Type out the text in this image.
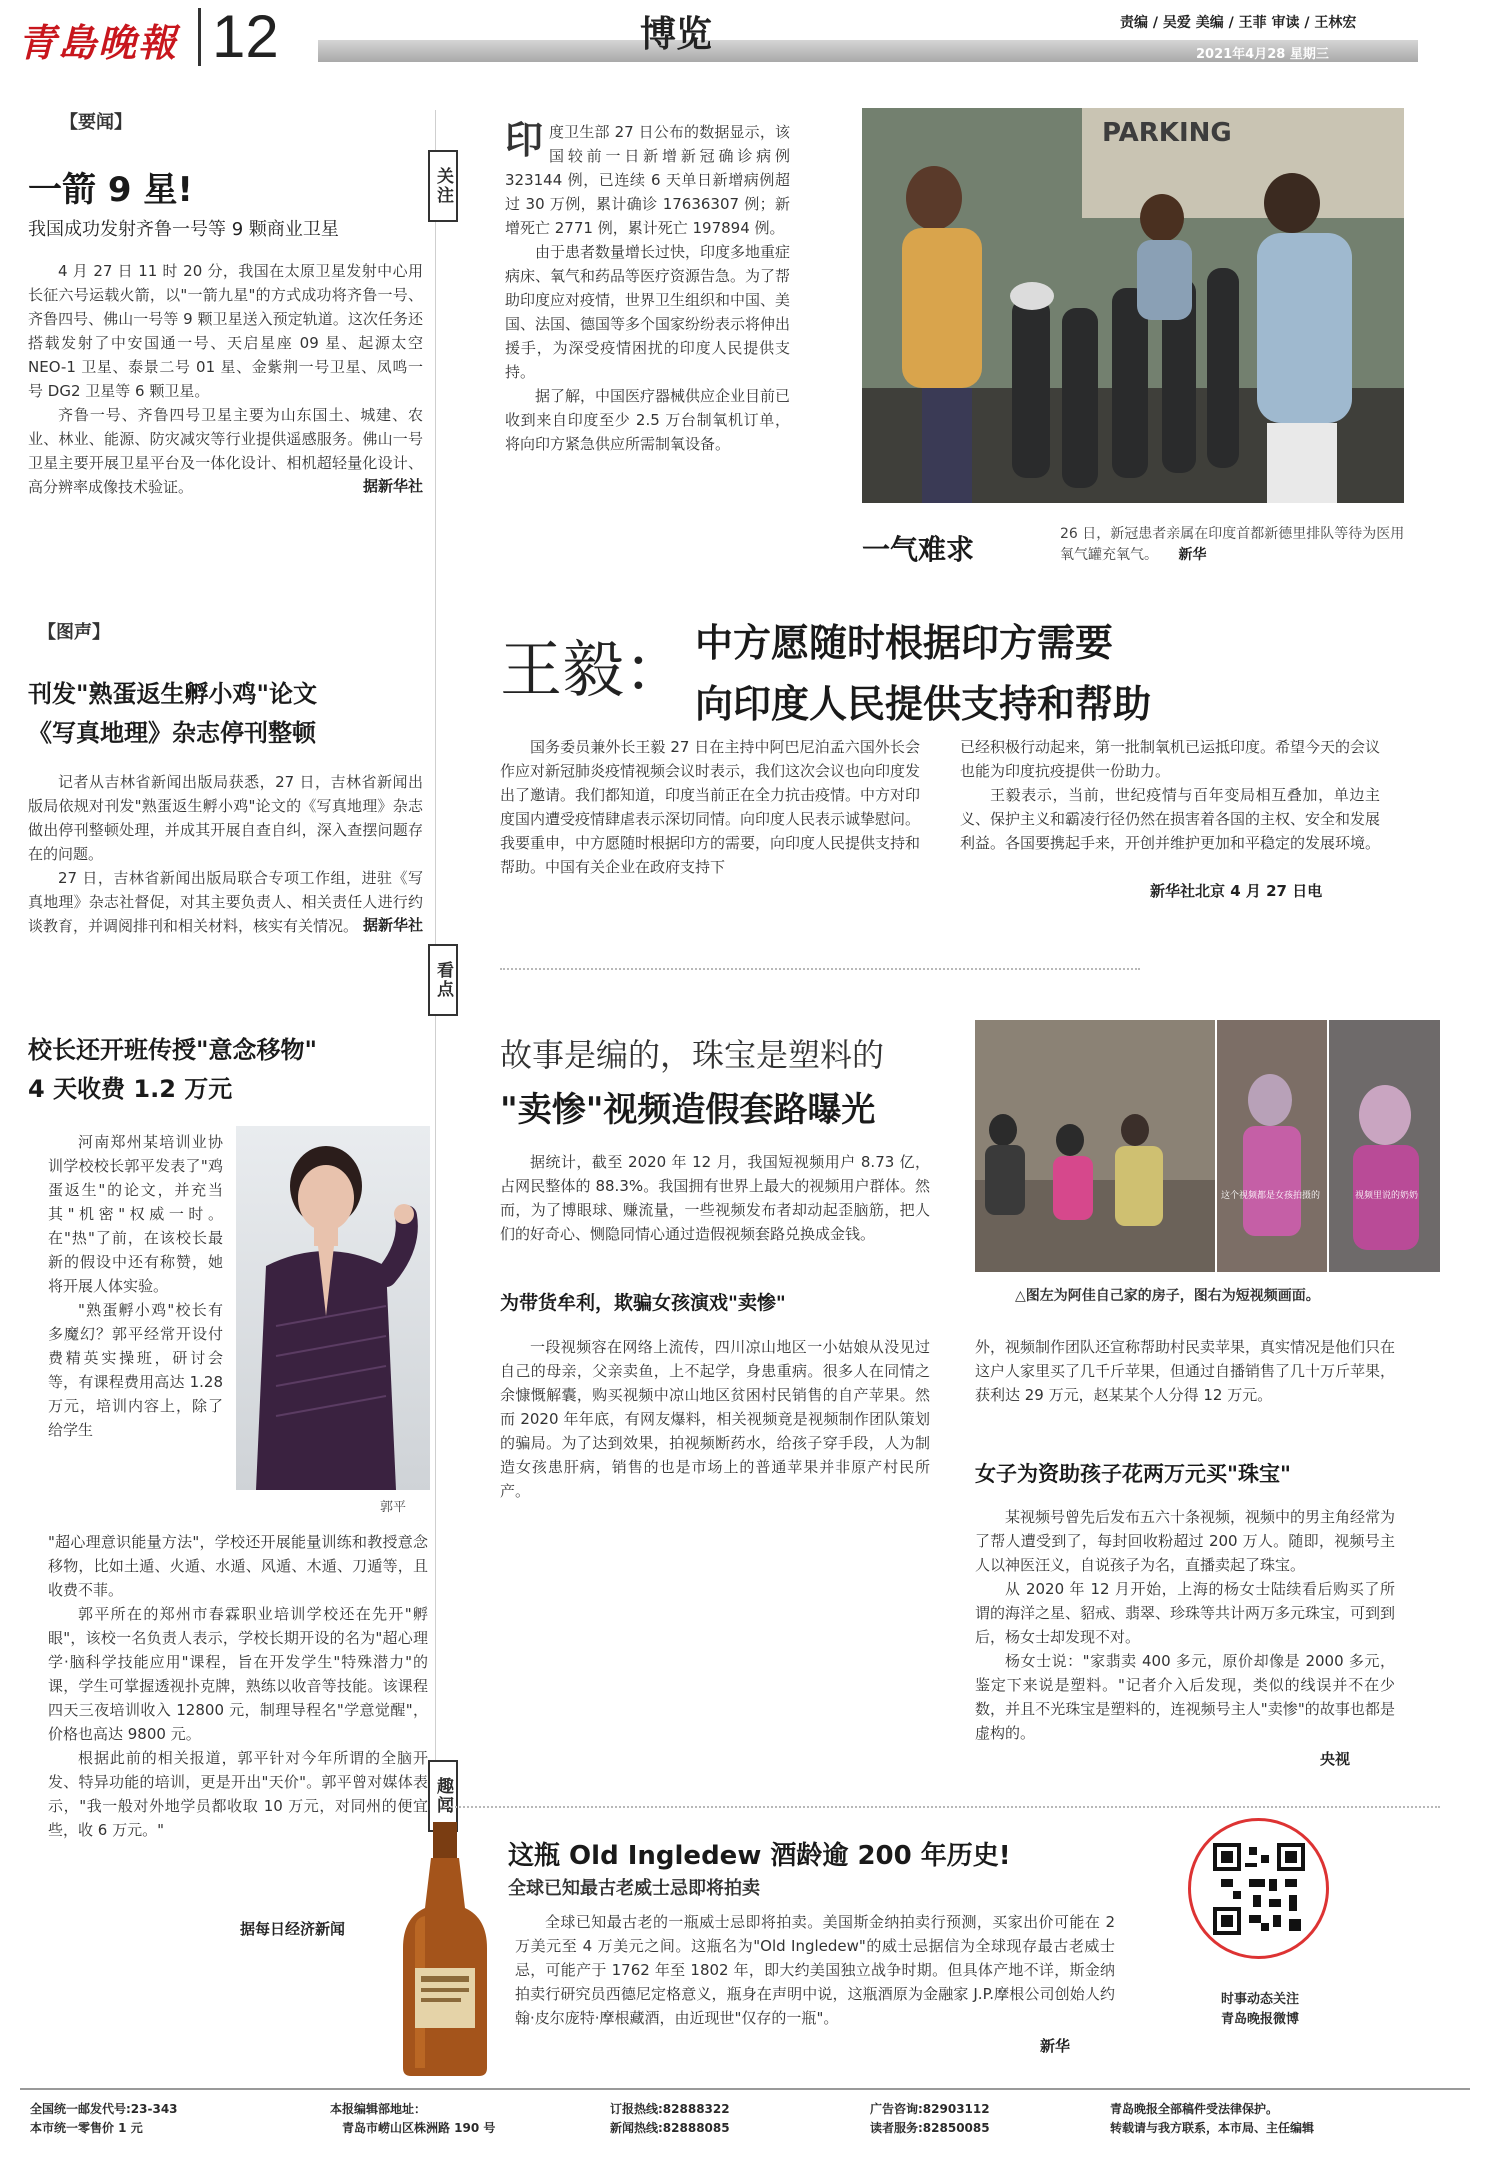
青島晚報 12	博览	责编 / 吴爱 美编 / 王菲 审读 / 王林宏
2021年4月28 星期三
【要闻】
一箭 9 星!
我国成功发射齐鲁一号等 9 颗商业卫星

4 月 27 日 11 时 20 分，我国在太原卫星发射中心用长征六号运载火箭，以"一箭九星"的方式成功将齐鲁一号、齐鲁四号、佛山一号等 9 颗卫星送入预定轨道。这次任务还搭载发射了中安国通一号、天启星座 09 星、起源太空 NEO-1 卫星、泰景二号 01 星、金紫荆一号卫星、凤鸣一号 DG2 卫星等 6 颗卫星。

齐鲁一号、齐鲁四号卫星主要为山东国土、城建、农业、林业、能源、防灾减灾等行业提供遥感服务。佛山一号卫星主要开展卫星平台及一体化设计、相机超轻量化设计、高分辨率成像技术验证。	据新华社
【图声】
刊发"熟蛋返生孵小鸡"论文
《写真地理》杂志停刊整顿

记者从吉林省新闻出版局获悉，27 日，吉林省新闻出版局依规对刊发"熟蛋返生孵小鸡"论文的《写真地理》杂志做出停刊整顿处理，并成其开展自查自纠，深入查摆问题存在的问题。

27 日，吉林省新闻出版局联合专项工作组，进驻《写真地理》杂志社督促，对其主要负责人、相关责任人进行约谈教育，并调阅排刊和相关材料，核实有关情况。 据新华社
校长还开班传授"意念移物"
4 天收费 1.2 万元

河南郑州某培训业协训学校校长郭平发表了"鸡蛋返生"的论文，并充当其"机密"权威一时。在"热"了前，在该校长最新的假设中还有称赞，她将开展人体实验。

"熟蛋孵小鸡"校长有多魔幻？郭平经常开设付费精英实操班，研讨会等，有课程费用高达 1.28 万元，培训内容上，除了给学生

郭平

"超心理意识能量方法"，学校还开展能量训练和教授意念移物，比如土遁、火遁、水遁、风遁、木遁、刀遁等，且收费不菲。

郭平所在的郑州市春霖职业培训学校还在先开"孵眼"，该校一名负责人表示，学校长期开设的名为"超心理学·脑科学技能应用"课程，旨在开发学生"特殊潜力"的课，学生可掌握透视扑克牌，熟练以收音等技能。该课程四天三夜培训收入 12800 元，制理导程名"学意觉醒"，价格也高达 9800 元。

根据此前的相关报道，郭平针对今年所谓的全脑开发、特异功能的培训，更是开出"天价"。郭平曾对媒体表示，"我一般对外地学员都收取 10 万元，对同州的便宜些，收 6 万元。"

据每日经济新闻
关注
看点
趣闻

印 度卫生部 27 日公布的数据显示，该国较前一日新增新冠确诊病例 323144 例，已连续 6 天单日新增病例超过 30 万例，累计确诊 17636307 例；新增死亡 2771 例，累计死亡 197894 例。

由于患者数量增长过快，印度多地重症病床、氧气和药品等医疗资源告急。为了帮助印度应对疫情，世界卫生组织和中国、美国、法国、德国等多个国家纷纷表示将伸出援手，为深受疫情困扰的印度人民提供支持。

据了解，中国医疗器械供应企业目前已收到来自印度至少 2.5 万台制氧机订单，将向印方紧急供应所需制氧设备。

PARKING
一气难求	26 日，新冠患者亲属在印度首都新德里排队等待为医用氧气罐充氧气。 新华
王毅： 中方愿随时根据印方需要
向印度人民提供支持和帮助

国务委员兼外长王毅 27 日在主持中阿巴尼泊孟六国外长会作应对新冠肺炎疫情视频会议时表示，我们这次会议也向印度发出了邀请。我们都知道，印度当前正在全力抗击疫情。中方对印度国内遭受疫情肆虐表示深切同情。向印度人民表示诚挚慰问。我要重申，中方愿随时根据印方的需要，向印度人民提供支持和帮助。中国有关企业在政府支持下

已经积极行动起来，第一批制氧机已运抵印度。希望今天的会议也能为印度抗疫提供一份助力。

王毅表示，当前，世纪疫情与百年变局相互叠加，单边主义、保护主义和霸凌行径仍然在损害着各国的主权、安全和发展利益。各国要携起手来，开创并维护更加和平稳定的发展环境。

新华社北京 4 月 27 日电
故事是编的，珠宝是塑料的
"卖惨"视频造假套路曝光

据统计，截至 2020 年 12 月，我国短视频用户 8.73 亿，占网民整体的 88.3%。我国拥有世界上最大的视频用户群体。然而，为了博眼球、赚流量，一些视频发布者却动起歪脑筋，把人们的好奇心、恻隐同情心通过造假视频套路兑换成金钱。

这个视频都是女孩拍摄的	视频里说的奶奶
△图左为阿佳自己家的房子，图右为短视频画面。
为带货牟利，欺骗女孩演戏"卖惨"

一段视频容在网络上流传，四川凉山地区一小姑娘从没见过自己的母亲，父亲卖鱼，上不起学，身患重病。很多人在同情之余慷慨解囊，购买视频中凉山地区贫困村民销售的自产苹果。然而 2020 年年底，有网友爆料，相关视频竟是视频制作团队策划的骗局。为了达到效果，拍视频断药水，给孩子穿手段，人为制造女孩患肝病，销售的也是市场上的普通苹果并非原产村民所产。

外，视频制作团队还宣称帮助村民卖苹果，真实情况是他们只在这户人家里买了几千斤苹果，但通过自播销售了几十万斤苹果，获利达 29 万元，赵某某个人分得 12 万元。

女子为资助孩子花两万元买"珠宝"

某视频号曾先后发布五六十条视频，视频中的男主角经常为了帮人遭受到了，每封回收粉超过 200 万人。随即，视频号主人以神医汪义，自说孩子为名，直播卖起了珠宝。

从 2020 年 12 月开始，上海的杨女士陆续看后购买了所谓的海洋之星、貂戒、翡翠、珍珠等共计两万多元珠宝，可到到后，杨女士却发现不对。

杨女士说："家翡卖 400 多元，原价却像是 2000 多元，鉴定下来说是塑料。"记者介入后发现，类似的线误并不在少数，并且不光珠宝是塑料的，连视频号主人"卖惨"的故事也都是虚构的。

央视
这瓶 Old Ingledew 酒龄逾 200 年历史!
全球已知最古老威士忌即将拍卖

全球已知最古老的一瓶威士忌即将拍卖。美国斯金纳拍卖行预测，买家出价可能在 2 万美元至 4 万美元之间。这瓶名为"Old Ingledew"的威士忌据信为全球现存最古老威士忌，可能产于 1762 年至 1802 年，即大约美国独立战争时期。但具体产地不详，斯金纳拍卖行研究员西德尼定格意义，瓶身在声明中说，这瓶酒原为金融家 J.P.摩根公司创始人约翰·皮尔庞特·摩根藏酒，由近现世"仅存的一瓶"。

新华
时事动态关注
青岛晚报微博
全国统一邮发代号:23-343
本市统一零售价 1 元
本报编辑部地址：
青岛市崂山区株洲路 190 号
订报热线:82888322
新闻热线:82888085
广告咨询:82903112
读者服务:82850085
青岛晚报全部稿件受法律保护。
转载请与我方联系，本市局、主任编辑
